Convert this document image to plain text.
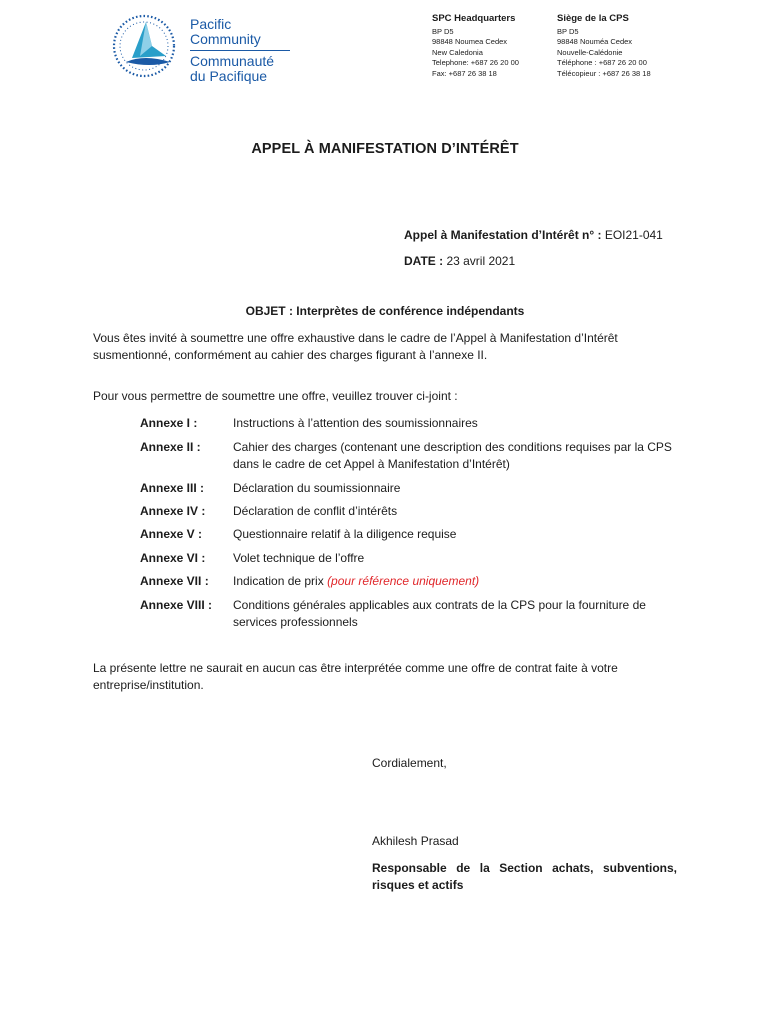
Pacific
Community
Communauté
du Pacifique
SPC Headquarters
BP D5
98848 Noumea Cedex
New Caledonia
Telephone: +687 26 20 00
Fax: +687 26 38 18
Siège de la CPS
BP D5
98848 Nouméa Cedex
Nouvelle-Calédonie
Téléphone : +687 26 20 00
Télécopieur : +687 26 38 18
APPEL À MANIFESTATION D’INTÉRÊT
Appel à Manifestation d’Intérêt n° : EOI21-041
DATE : 23 avril 2021
OBJET : Interprètes de conférence indépendants
Vous êtes invité à soumettre une offre exhaustive dans le cadre de l’Appel à Manifestation d’Intérêt susmentionné, conformément au cahier des charges figurant à l’annexe II.
Pour vous permettre de soumettre une offre, veuillez trouver ci-joint :
Annexe I :	Instructions à l’attention des soumissionnaires
Annexe II :	Cahier des charges (contenant une description des conditions requises par la CPS dans le cadre de cet Appel à Manifestation d’Intérêt)
Annexe III : Déclaration du soumissionnaire
Annexe IV : Déclaration de conflit d’intérêts
Annexe V :	Questionnaire relatif à la diligence requise
Annexe VI : Volet technique de l’offre
Annexe VII : Indication de prix (pour référence uniquement)
Annexe VIII : Conditions générales applicables aux contrats de la CPS pour la fourniture de services professionnels
La présente lettre ne saurait en aucun cas être interprétée comme une offre de contrat faite à votre entreprise/institution.
Cordialement,
Akhilesh Prasad
Responsable de la Section achats, subventions, risques et actifs
